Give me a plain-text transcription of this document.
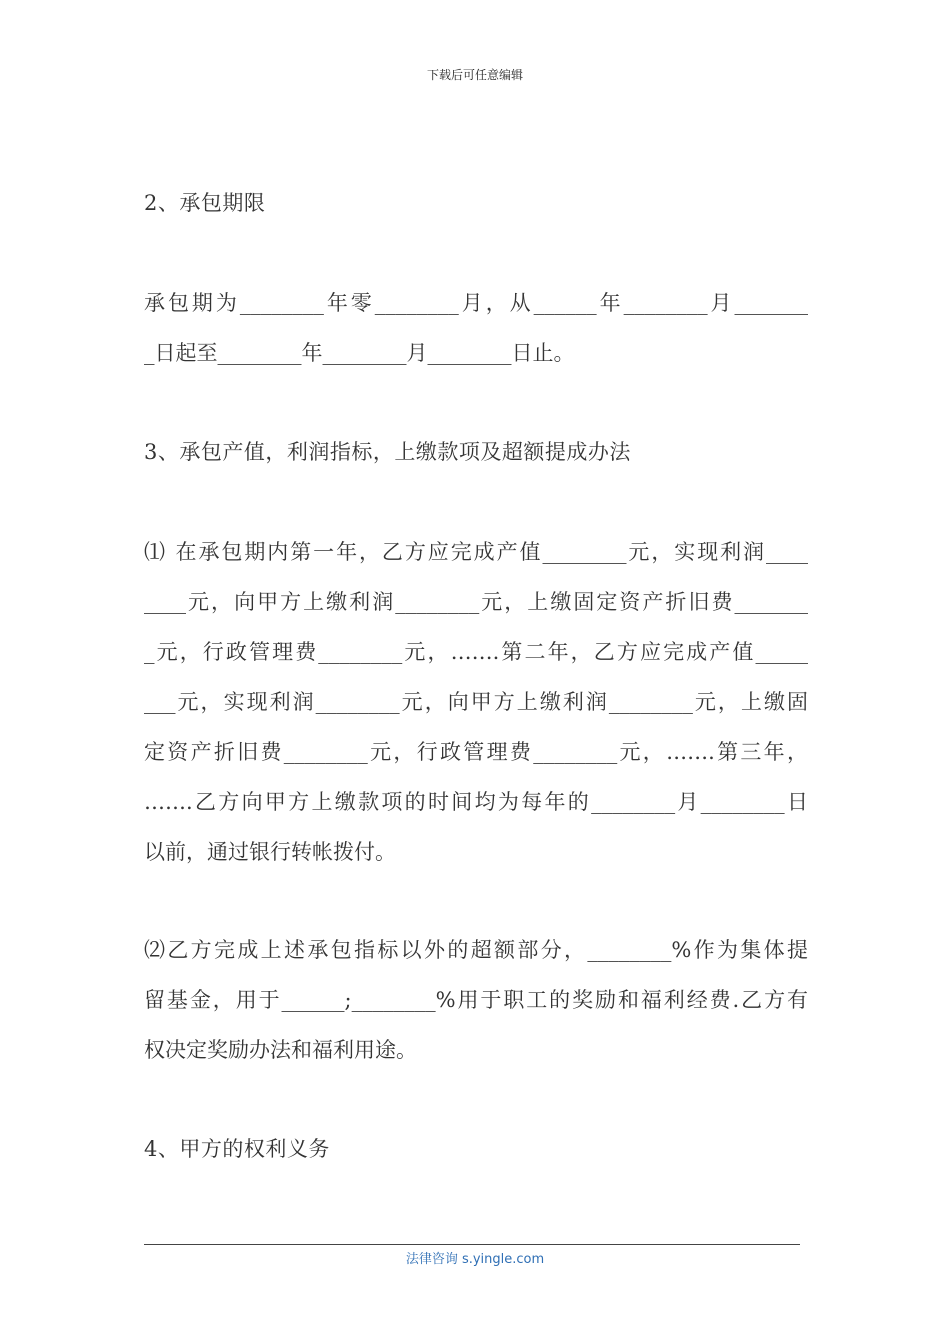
下载后可任意编辑
2、承包期限
承包期为________年零________月，从______年________月_______
_日起至________年________月________日止。
3、承包产值，利润指标，上缴款项及超额提成办法
⑴ 在承包期内第一年，乙方应完成产值________元，实现利润____
____元，向甲方上缴利润________元，上缴固定资产折旧费_______
_元，行政管理费________元，…….第二年，乙方应完成产值_____
___元，实现利润________元，向甲方上缴利润________元，上缴固
定资产折旧费________元，行政管理费________元，…….第三年，
…….乙方向甲方上缴款项的时间均为每年的________月________日
以前，通过银行转帐拨付。
⑵乙方完成上述承包指标以外的超额部分，________%作为集体提
留基金，用于______;________%用于职工的奖励和福利经费.乙方有
权决定奖励办法和福利用途。
4、甲方的权利义务
法律咨询 s.yingle.com
